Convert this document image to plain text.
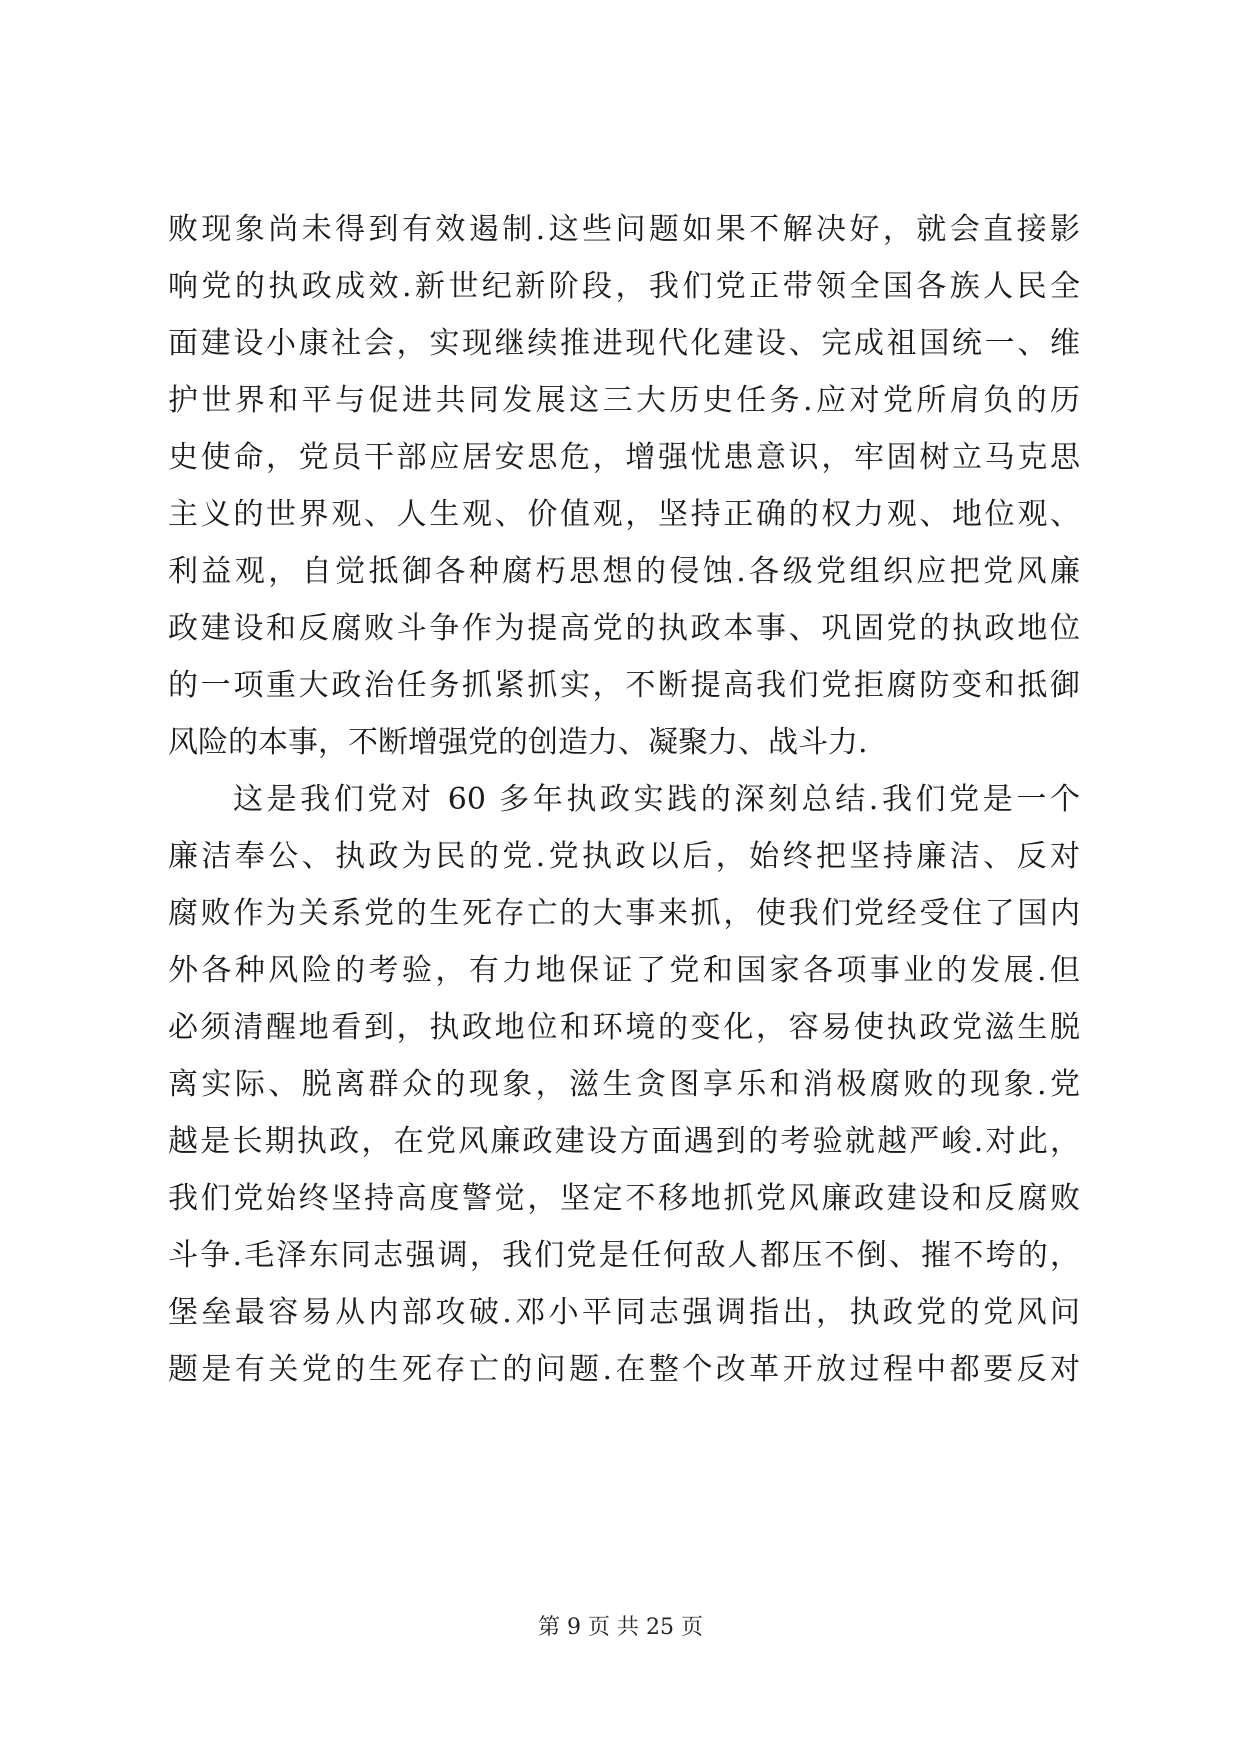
败现象尚未得到有效遏制.这些问题如果不解决好，就会直接影
响党的执政成效.新世纪新阶段，我们党正带领全国各族人民全
面建设小康社会，实现继续推进现代化建设、完成祖国统一、维
护世界和平与促进共同发展这三大历史任务.应对党所肩负的历
史使命，党员干部应居安思危，增强忧患意识，牢固树立马克思
主义的世界观、人生观、价值观，坚持正确的权力观、地位观、
利益观，自觉抵御各种腐朽思想的侵蚀.各级党组织应把党风廉
政建设和反腐败斗争作为提高党的执政本事、巩固党的执政地位
的一项重大政治任务抓紧抓实，不断提高我们党拒腐防变和抵御
风险的本事，不断增强党的创造力、凝聚力、战斗力.
这是我们党对 60 多年执政实践的深刻总结.我们党是一个
廉洁奉公、执政为民的党.党执政以后，始终把坚持廉洁、反对
腐败作为关系党的生死存亡的大事来抓，使我们党经受住了国内
外各种风险的考验，有力地保证了党和国家各项事业的发展.但
必须清醒地看到，执政地位和环境的变化，容易使执政党滋生脱
离实际、脱离群众的现象，滋生贪图享乐和消极腐败的现象.党
越是长期执政，在党风廉政建设方面遇到的考验就越严峻.对此，
我们党始终坚持高度警觉，坚定不移地抓党风廉政建设和反腐败
斗争.毛泽东同志强调，我们党是任何敌人都压不倒、摧不垮的，
堡垒最容易从内部攻破.邓小平同志强调指出，执政党的党风问
题是有关党的生死存亡的问题.在整个改革开放过程中都要反对
第 9 页 共 25 页
